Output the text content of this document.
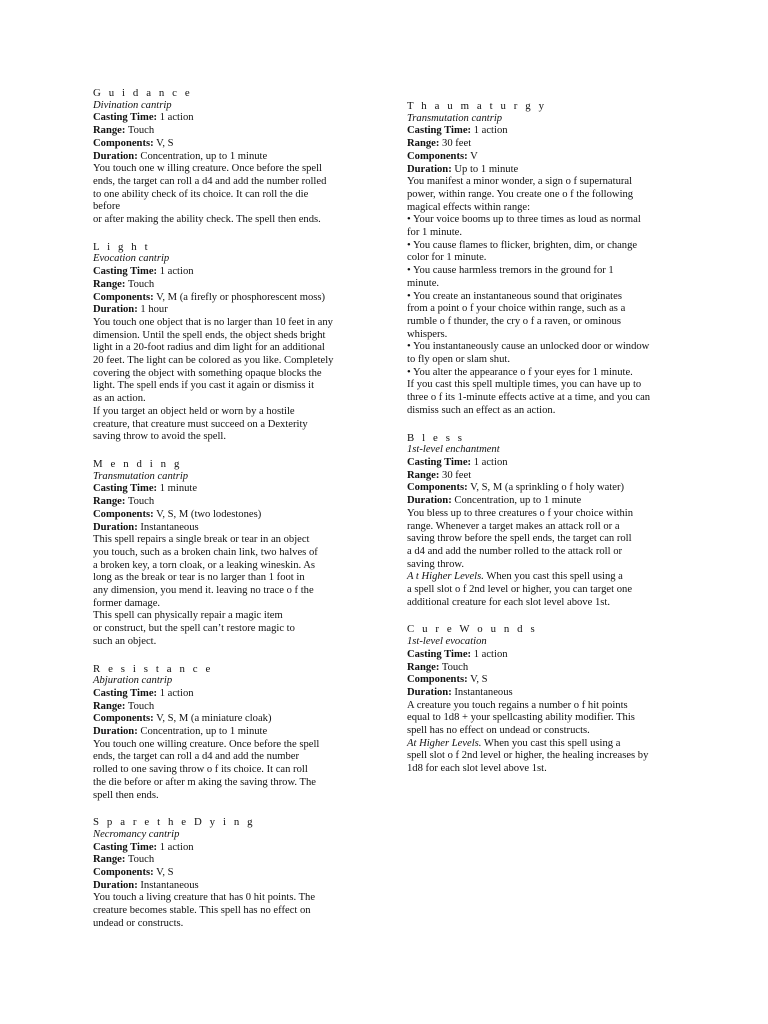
G u i d a n c e
Divination cantrip
Casting Time: 1 action
Range: Touch
Components: V, S
Duration: Concentration, up to 1 minute
You touch one w illing creature. Once before the spell
ends, the target can roll a d4 and add the number rolled
to one ability check of its choice. It can roll the die
before
or after making the ability check. The spell then ends.
L i g h t
Evocation cantrip
Casting Time: 1 action
Range: Touch
Components: V, M (a firefly or phosphorescent moss)
Duration: 1 hour
You touch one object that is no larger than 10 feet in any
dimension. Until the spell ends, the object sheds bright
light in a 20-foot radius and dim light for an additional
20 feet. The light can be colored as you like. Completely
covering the object with something opaque blocks the
light. The spell ends if you cast it again or dismiss it
as an action.
If you target an object held or worn by a hostile
creature, that creature must succeed on a Dexterity
saving throw to avoid the spell.
M e n d i n g
Transmutation cantrip
Casting Time: 1 minute
Range: Touch
Components: V, S, M (two lodestones)
Duration: Instantaneous
This spell repairs a single break or tear in an object
you touch, such as a broken chain link, two halves of
a broken key, a torn cloak, or a leaking wineskin. As
long as the break or tear is no larger than 1 foot in
any dimension, you mend it. leaving no trace o f the
former damage.
This spell can physically repair a magic item
or construct, but the spell can’t restore magic to
such an object.
R e s i s t a n c e
Abjuration cantrip
Casting Time: 1 action
Range: Touch
Components: V, S, M (a miniature cloak)
Duration: Concentration, up to 1 minute
You touch one willing creature. Once before the spell
ends, the target can roll a d4 and add the number
rolled to one saving throw o f its choice. It can roll
the die before or after m aking the saving throw. The
spell then ends.
S p a r e t h e D y i n g
Necromancy cantrip
Casting Time: 1 action
Range: Touch
Components: V, S
Duration: Instantaneous
You touch a living creature that has 0 hit points. The
creature becomes stable. This spell has no effect on
undead or constructs.
T h a u m a t u r g y
Transmutation cantrip
Casting Time: 1 action
Range: 30 feet
Components: V
Duration: Up to 1 minute
You manifest a minor wonder, a sign o f supernatural
power, within range. You create one o f the following
magical effects within range:
• Your voice booms up to three times as loud as normal
for 1 minute.
• You cause flames to flicker, brighten, dim, or change
color for 1 minute.
• You cause harmless tremors in the ground for 1
minute.
• You create an instantaneous sound that originates
from a point o f your choice within range, such as a
rumble o f thunder, the cry o f a raven, or ominous
whispers.
• You instantaneously cause an unlocked door or window
to fly open or slam shut.
• You alter the appearance o f your eyes for 1 minute.
If you cast this spell multiple times, you can have up to
three o f its 1-minute effects active at a time, and you can
dismiss such an effect as an action.
B l e s s
1st-level enchantment
Casting Time: 1 action
Range: 30 feet
Components: V, S, M (a sprinkling o f holy water)
Duration: Concentration, up to 1 minute
You bless up to three creatures o f your choice within
range. Whenever a target makes an attack roll or a
saving throw before the spell ends, the target can roll
a d4 and add the number rolled to the attack roll or
saving throw.
A t Higher Levels. When you cast this spell using a
a spell slot o f 2nd level or higher, you can target one
additional creature for each slot level above 1st.
C u r e W o u n d s
1st-level evocation
Casting Time: 1 action
Range: Touch
Components: V, S
Duration: Instantaneous
A creature you touch regains a number o f hit points
equal to 1d8 + your spellcasting ability modifier. This
spell has no effect on undead or constructs.
At Higher Levels. When you cast this spell using a
spell slot o f 2nd level or higher, the healing increases by
1d8 for each slot level above 1st.
